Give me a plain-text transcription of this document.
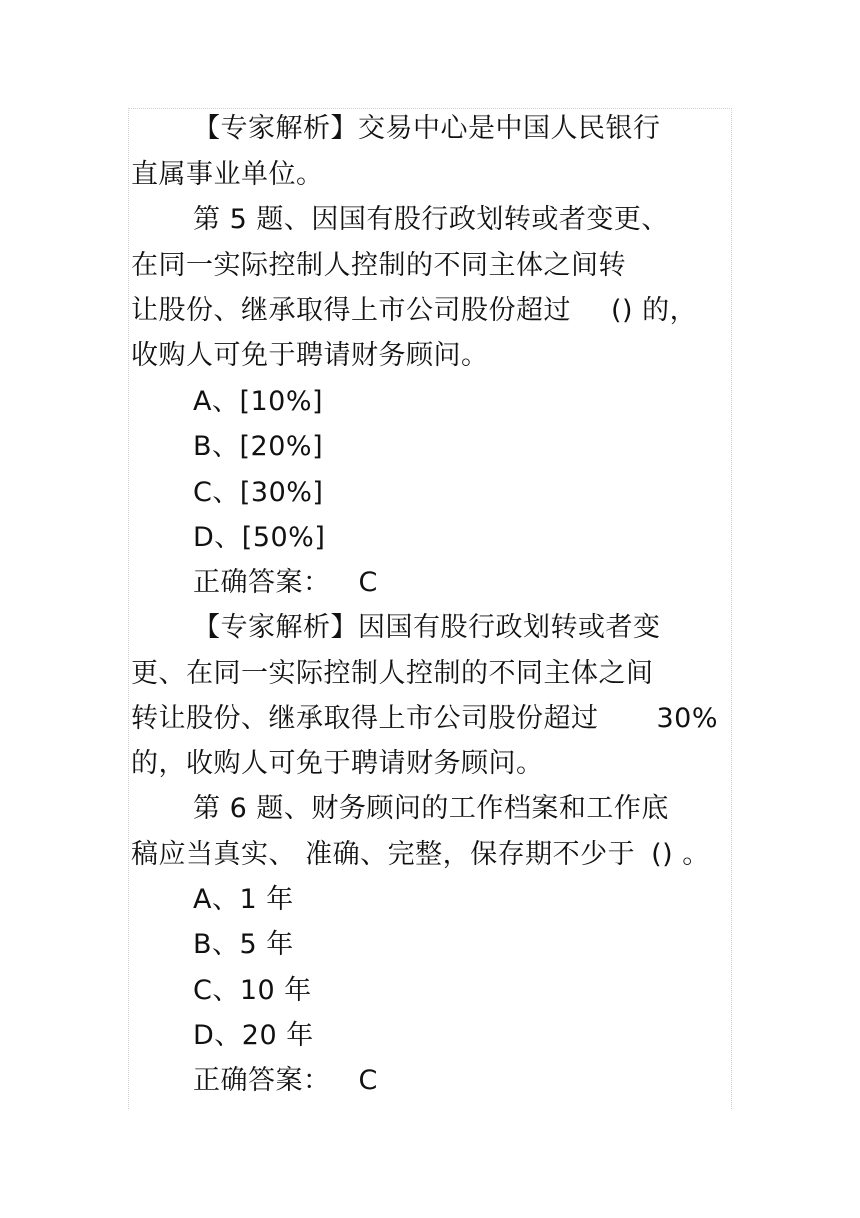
【专家解析】交易中心是中国人民银行
直属事业单位。
第 5 题、因国有股行政划转或者变更、
在同一实际控制人控制的不同主体之间转
让股份、继承取得上市公司股份超过 () 的，
收购人可免于聘请财务顾问。
A、[10%]
B、[20%]
C、[30%]
D、[50%]
正确答案： C
【专家解析】因国有股行政划转或者变
更、在同一实际控制人控制的不同主体之间
转让股份、继承取得上市公司股份超过 30%
的，收购人可免于聘请财务顾问。
第 6 题、财务顾问的工作档案和工作底
稿应当真实、 准确、完整，保存期不少于 () 。
A、1 年
B、5 年
C、10 年
D、20 年
正确答案： C
